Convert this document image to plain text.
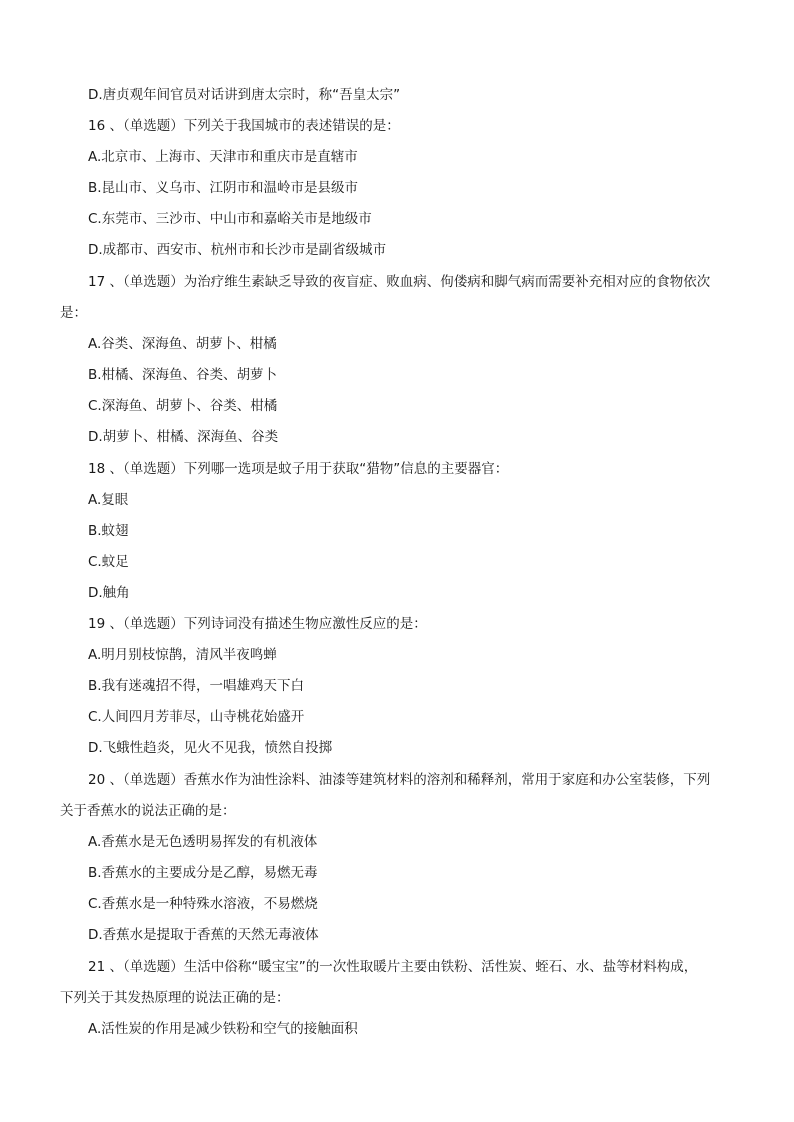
D.唐贞观年间官员对话讲到唐太宗时，称“吾皇太宗”
16 、（单选题）下列关于我国城市的表述错误的是：
A.北京市、上海市、天津市和重庆市是直辖市
B.昆山市、义乌市、江阴市和温岭市是县级市
C.东莞市、三沙市、中山市和嘉峪关市是地级市
D.成都市、西安市、杭州市和长沙市是副省级城市
17 、（单选题）为治疗维生素缺乏导致的夜盲症、败血病、佝偻病和脚气病而需要补充相对应的食物依次
是：
A.谷类、深海鱼、胡萝卜、柑橘
B.柑橘、深海鱼、谷类、胡萝卜
C.深海鱼、胡萝卜、谷类、柑橘
D.胡萝卜、柑橘、深海鱼、谷类
18 、（单选题）下列哪一选项是蚊子用于获取“猎物”信息的主要器官：
A.复眼
B.蚊翅
C.蚊足
D.触角
19 、（单选题）下列诗词没有描述生物应激性反应的是：
A.明月别枝惊鹊，清风半夜鸣蝉
B.我有迷魂招不得，一唱雄鸡天下白
C.人间四月芳菲尽，山寺桃花始盛开
D.飞蛾性趋炎，见火不见我，愤然自投掷
20 、（单选题）香蕉水作为油性涂料、油漆等建筑材料的溶剂和稀释剂，常用于家庭和办公室装修，下列
关于香蕉水的说法正确的是：
A.香蕉水是无色透明易挥发的有机液体
B.香蕉水的主要成分是乙醇，易燃无毒
C.香蕉水是一种特殊水溶液，不易燃烧
D.香蕉水是提取于香蕉的天然无毒液体
21 、（单选题）生活中俗称“暖宝宝”的一次性取暖片主要由铁粉、活性炭、蛭石、水、盐等材料构成，
下列关于其发热原理的说法正确的是：
A.活性炭的作用是减少铁粉和空气的接触面积
